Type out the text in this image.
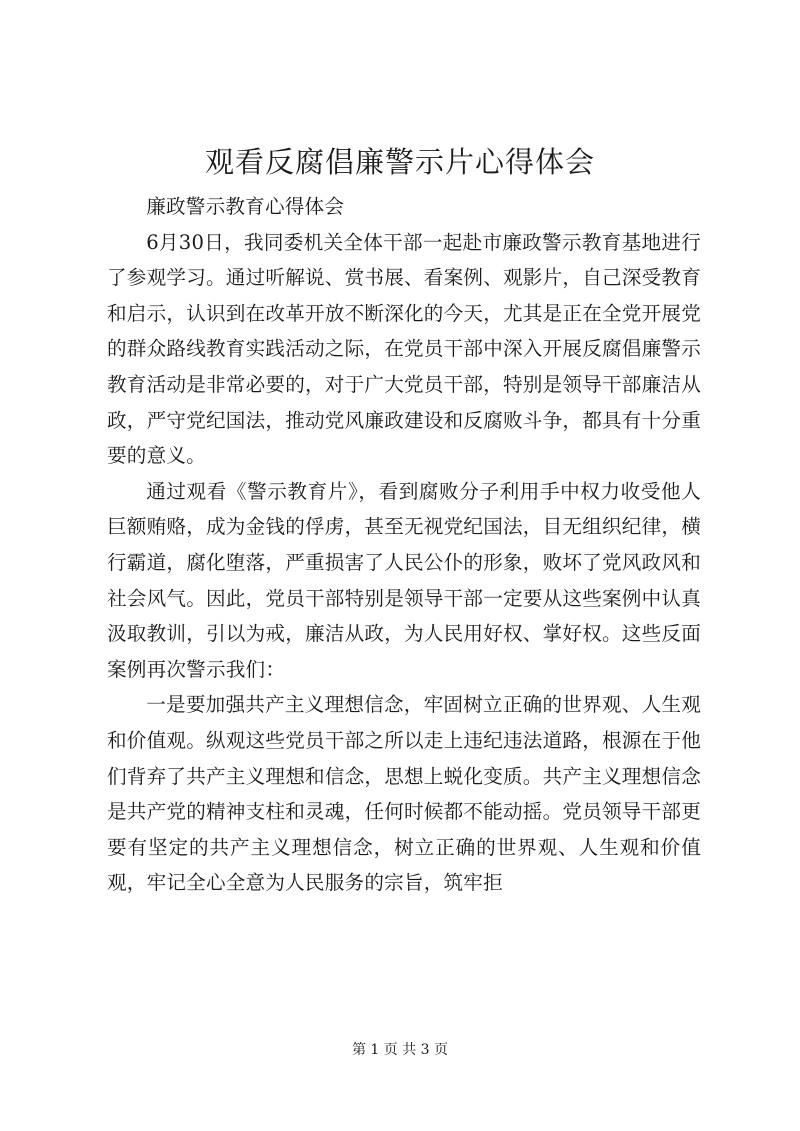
观看反腐倡廉警示片心得体会

廉政警示教育心得体会

6月30日，我同委机关全体干部一起赴市廉政警示教育基地进行了参观学习。通过听解说、赏书展、看案例、观影片，自己深受教育和启示，认识到在改革开放不断深化的今天，尤其是正在全党开展党的群众路线教育实践活动之际，在党员干部中深入开展反腐倡廉警示教育活动是非常必要的，对于广大党员干部，特别是领导干部廉洁从政，严守党纪国法，推动党风廉政建设和反腐败斗争，都具有十分重要的意义。

通过观看《警示教育片》，看到腐败分子利用手中权力收受他人巨额贿赂，成为金钱的俘虏，甚至无视党纪国法，目无组织纪律，横行霸道，腐化堕落，严重损害了人民公仆的形象，败坏了党风政风和社会风气。因此，党员干部特别是领导干部一定要从这些案例中认真汲取教训，引以为戒，廉洁从政，为人民用好权、掌好权。这些反面案例再次警示我们：

一是要加强共产主义理想信念，牢固树立正确的世界观、人生观和价值观。纵观这些党员干部之所以走上违纪违法道路，根源在于他们背弃了共产主义理想和信念，思想上蜕化变质。共产主义理想信念是共产党的精神支柱和灵魂，任何时候都不能动摇。党员领导干部更要有坚定的共产主义理想信念，树立正确的世界观、人生观和价值观，牢记全心全意为人民服务的宗旨，筑牢拒

第 1 页 共 3 页
